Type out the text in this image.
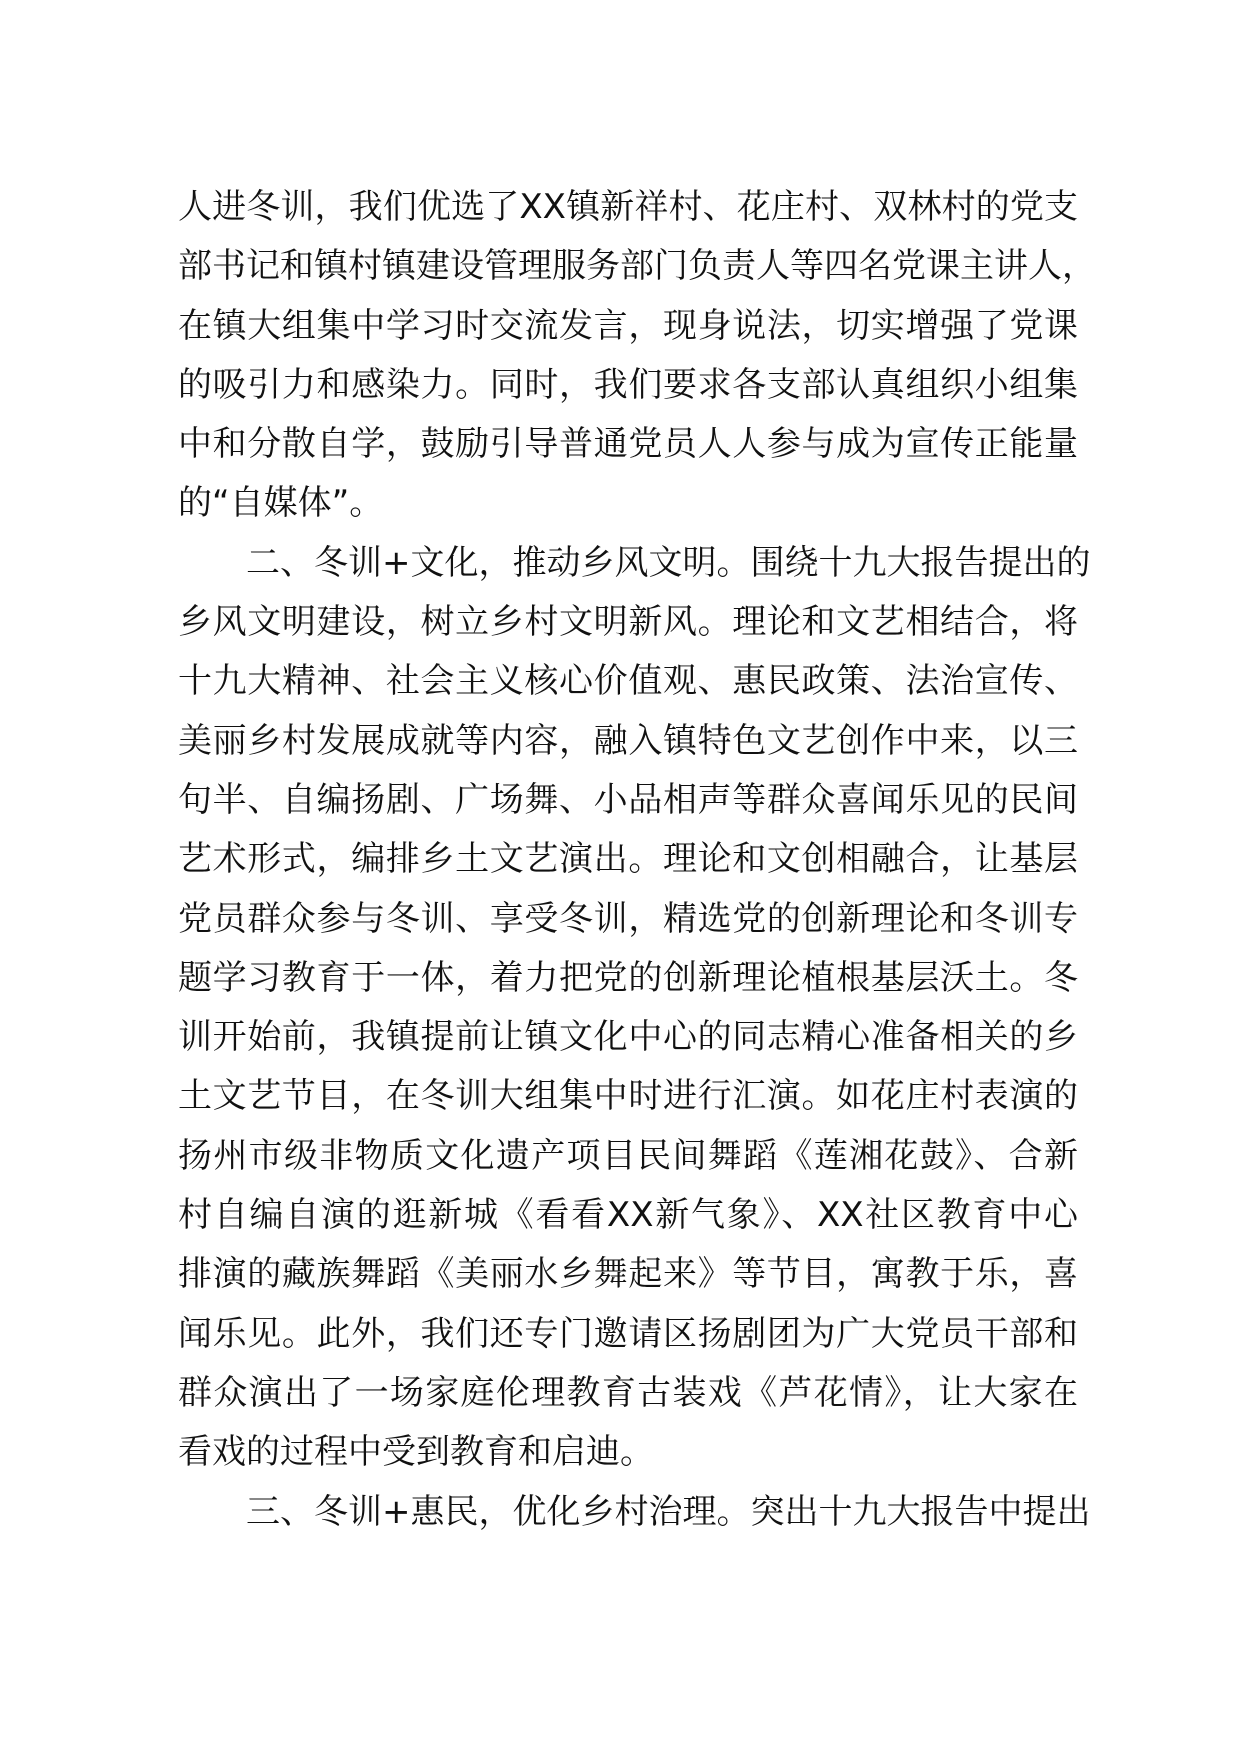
人进冬训，我们优选了XX镇新祥村、花庄村、双林村的党支
部书记和镇村镇建设管理服务部门负责人等四名党课主讲人，
在镇大组集中学习时交流发言，现身说法，切实增强了党课
的吸引力和感染力。同时，我们要求各支部认真组织小组集
中和分散自学，鼓励引导普通党员人人参与成为宣传正能量
的“自媒体”。
二、冬训+文化，推动乡风文明。围绕十九大报告提出的
乡风文明建设，树立乡村文明新风。理论和文艺相结合，将
十九大精神、社会主义核心价值观、惠民政策、法治宣传、
美丽乡村发展成就等内容，融入镇特色文艺创作中来，以三
句半、自编扬剧、广场舞、小品相声等群众喜闻乐见的民间
艺术形式，编排乡土文艺演出。理论和文创相融合，让基层
党员群众参与冬训、享受冬训，精选党的创新理论和冬训专
题学习教育于一体，着力把党的创新理论植根基层沃土。冬
训开始前，我镇提前让镇文化中心的同志精心准备相关的乡
土文艺节目，在冬训大组集中时进行汇演。如花庄村表演的
扬州市级非物质文化遗产项目民间舞蹈《莲湘花鼓》、合新
村自编自演的逛新城《看看XX新气象》、XX社区教育中心
排演的藏族舞蹈《美丽水乡舞起来》等节目，寓教于乐，喜
闻乐见。此外，我们还专门邀请区扬剧团为广大党员干部和
群众演出了一场家庭伦理教育古装戏《芦花情》，让大家在
看戏的过程中受到教育和启迪。
三、冬训+惠民，优化乡村治理。突出十九大报告中提出
